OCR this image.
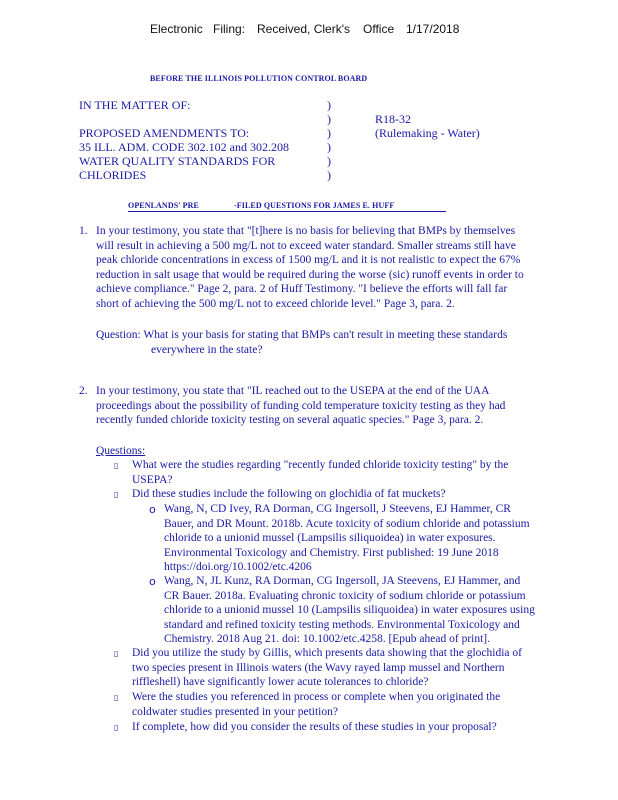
Electronic Filing: Received, Clerk's Office 1/17/2018
BEFORE THE ILLINOIS POLLUTION CONTROL BOARD
IN THE MATTER OF:
PROPOSED AMENDMENTS TO:
35 ILL. ADM. CODE 302.102 and 302.208
WATER QUALITY STANDARDS FOR
CHLORIDES
)
)
)
)
)
)
R18-32
(Rulemaking - Water)
OPENLANDS' PRE	-FILED QUESTIONS FOR JAMES E. HUFF
1. In your testimony, you state that "[t]here is no basis for believing that BMPs by themselves
will result in achieving a 500 mg/L not to exceed water standard. Smaller streams still have
peak chloride concentrations in excess of 1500 mg/L and it is not realistic to expect the 67%
reduction in salt usage that would be required during the worse (sic) runoff events in order to
achieve compliance." Page 2, para. 2 of Huff Testimony. "I believe the efforts will fall far
short of achieving the 500 mg/L not to exceed chloride level." Page 3, para. 2.
Question: What is your basis for stating that BMPs can't result in meeting these standards
everywhere in the state?
2. In your testimony, you state that "IL reached out to the USEPA at the end of the UAA
proceedings about the possibility of funding cold temperature toxicity testing as they had
recently funded chloride toxicity testing on several aquatic species." Page 3, para. 2.
Questions:
▯ What were the studies regarding "recently funded chloride toxicity testing" by the
USEPA?
▯ Did these studies include the following on glochidia of fat muckets?
o Wang, N, CD Ivey, RA Dorman, CG Ingersoll, J Steevens, EJ Hammer, CR
Bauer, and DR Mount. 2018b. Acute toxicity of sodium chloride and potassium
chloride to a unionid mussel (Lampsilis siliquoidea) in water exposures.
Environmental Toxicology and Chemistry. First published: 19 June 2018
https://doi.org/10.1002/etc.4206
o Wang, N, JL Kunz, RA Dorman, CG Ingersoll, JA Steevens, EJ Hammer, and
CR Bauer. 2018a. Evaluating chronic toxicity of sodium chloride or potassium
chloride to a unionid mussel 10 (Lampsilis siliquoidea) in water exposures using
standard and refined toxicity testing methods. Environmental Toxicology and
Chemistry. 2018 Aug 21. doi: 10.1002/etc.4258. [Epub ahead of print].
▯ Did you utilize the study by Gillis, which presents data showing that the glochidia of
two species present in Illinois waters (the Wavy rayed lamp mussel and Northern
riffleshell) have significantly lower acute tolerances to chloride?
▯ Were the studies you referenced in process or complete when you originated the
coldwater studies presented in your petition?
▯ If complete, how did you consider the results of these studies in your proposal?
